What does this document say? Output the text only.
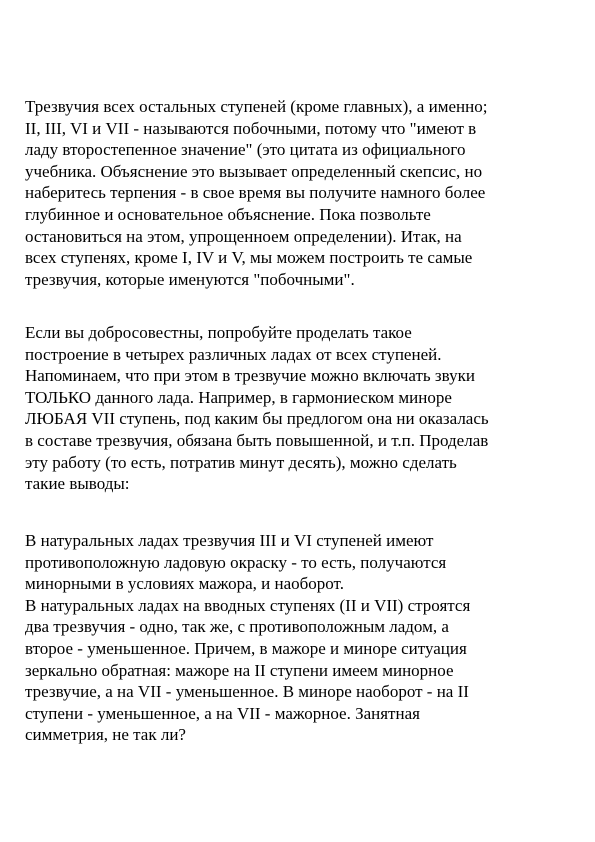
Трезвучия всех остальных ступеней (кроме главных), а именно;
II, III, VI и VII - называются побочными, потому что "имеют в
ладу второстепенное значение" (это цитата из официального
учебника. Объяснение это вызывает определенный скепсис, но
наберитесь терпения - в свое время вы получите намного более
глубинное и основательное объяснение. Пока позвольте
остановиться на этом, упрощенноем определении). Итак, на
всех ступенях, кроме I, IV и V, мы можем построить те самые
трезвучия, которые именуются "побочными".
Если вы добросовестны, попробуйте проделать такое
построение в четырех различных ладах от всех ступеней.
Напоминаем, что при этом в трезвучие можно включать звуки
ТОЛЬКО данного лада. Например, в гармониеском миноре
ЛЮБАЯ VII ступень, под каким бы предлогом она ни оказалась
в составе трезвучия, обязана быть повышенной, и т.п. Проделав
эту работу (то есть, потратив минут десять), можно сделать
такие выводы:
В натуральных ладах трезвучия III и VI ступеней имеют
противоположную ладовую окраску - то есть, получаются
минорными в условиях мажора, и наоборот.
В натуральных ладах на вводных ступенях (II и VII) строятся
два трезвучия - одно, так же, с противоположным ладом, а
второе - уменьшенное. Причем, в мажоре и миноре ситуация
зеркально обратная: мажоре на II ступени имеем минорное
трезвучие, а на VII - уменьшенное. В миноре наоборот - на II
ступени - уменьшенное, а на VII - мажорное. Занятная
симметрия, не так ли?
